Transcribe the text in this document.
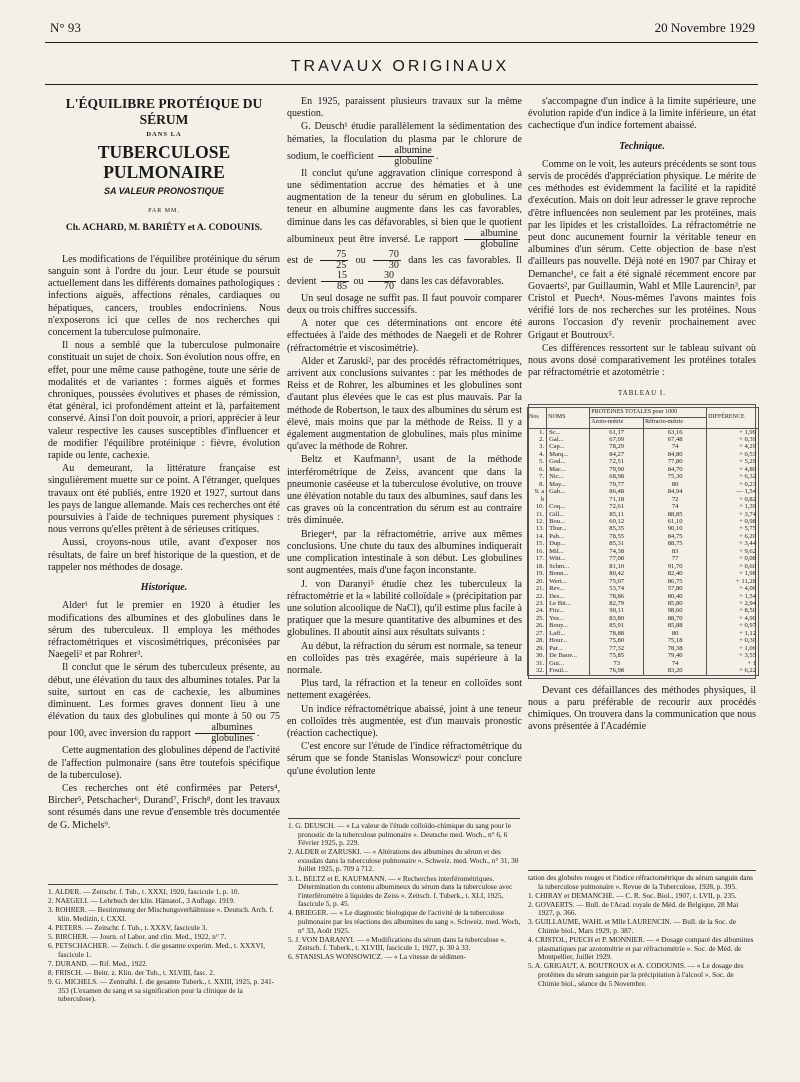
N° 93	20 Novembre 1929
TRAVAUX ORIGINAUX
L'ÉQUILIBRE PROTÉIQUE DU SÉRUM
DANS LA
TUBERCULOSE PULMONAIRE
SA VALEUR PRONOSTIQUE
PAR MM.
Ch. ACHARD, M. BARIÉTY et A. CODOUNIS.

Les modifications de l'équilibre protéinique du sérum sanguin sont à l'ordre du jour. Leur étude se poursuit actuellement dans les différents domaines pathologiques : infections aiguës, affections rénales, cardiaques ou hépatiques, cancers, troubles endocriniens. Nous n'exposerons ici que celles de nos recherches qui concernent la tuberculose pulmonaire.

Il nous a semblé que la tuberculose pulmonaire constituait un sujet de choix. Son évolution nous offre, en effet, pour une même cause pathogène, toute une série de modalités et de variantes : formes aiguës et formes chroniques, poussées évolutives et phases de rémission, état général, ici profondément atteint et là, parfaitement conservé. Ainsi l'on doit pouvoir, a priori, apprécier à leur valeur respective les causes susceptibles d'influencer et de modifier l'équilibre protéinique : fièvre, évolution rapide ou lente, cachexie.

Au demeurant, la littérature française est singulièrement muette sur ce point. A l'étranger, quelques travaux ont été publiés, entre 1920 et 1927, surtout dans les pays de langue allemande. Mais ces recherches ont été poursuivies à l'aide de techniques purement physiques : nous verrons qu'elles prêtent à de sérieuses critiques.

Aussi, croyons-nous utile, avant d'exposer nos résultats, de faire un bref historique de la question, et de rappeler nos méthodes de dosage.

Historique.

Alder¹ fut le premier en 1920 à étudier les modifications des albumines et des globulines dans le sérum des tuberculeux. Il employa les méthodes réfractométriques et viscosimétriques, préconisées par Naegeli² et par Rohrer³.

Il conclut que le sérum des tuberculeux présente, au début, une élévation du taux des albumines totales. Par la suite, surtout en cas de cachexie, les albumines diminuent. Les formes graves donnent lieu à une élévation du taux des globulines qui monte à 50 ou 75 pour 100, avec inversion du rapport $\frac{\text{albumines}}{\text{globulines}}$ .

Cette augmentation des globulines dépend de l'activité de l'affection pulmonaire (sans être toutefois spécifique de la tuberculose).

Ces recherches ont été confirmées par Peters⁴, Bircher⁵, Petschacher⁶, Durand⁷, Frisch⁸, dont les travaux sont résumés dans une revue d'ensemble très documentée de G. Michels⁹.

1. ALDER. — Zeitschr. f. Tub., t. XXXI, 1920, fascicule 1, p. 10.
2. NAEGELI. — Lehrbuch der klin. Hämatol., 3 Auflage. 1919.
3. ROHRER. — Bestimmung der Mischungsverhältnisse ». Deutsch. Arch. f. klin. Medizin, t. CXXI.
4. PETERS. — Zeitschr. f. Tub., t. XXXV, fascicule 3.
5. BIRCHER. — Journ. of Labor. and clin. Med., 1922, n° 7.
6. PETSCHACHER. — Zeitsch. f. die gesamte experim. Med., t. XXXVI, fascicule 1.
7. DURAND. — Rif. Med., 1922.
8. FRISCH. — Beitr. z. Klin. der Tub., t. XLVIII, fasc. 2.
9. G. MICHELS. — Zentralbl. f. die gesamte Tuberk., t. XXIII, 1925, p. 241-353 (L'examen du sang et sa signification pour la clinique de la tuberculose).

En 1925, paraissent plusieurs travaux sur la même question.

G. Deusch¹ étudie parallèlement la sédimentation des hématies, la floculation du plasma par le chlorure de sodium, le coefficient $\frac{\text{albumine}}{\text{globuline}}$ .

Il conclut qu'une aggravation clinique correspond à une sédimentation accrue des hématies et à une augmentation de la teneur du sérum en globulines. La teneur en albumine augmente dans les cas favorables, diminue dans les cas défavorables, si bien que le quotient albumineux peut être inversé. Le rapport $\frac{\text{albumine}}{\text{globuline}}$
est de $\frac{75}{25}$ ou $\frac{70}{30}$ dans les cas favorables. Il devient $\frac{15}{85}$ ou $\frac{30}{70}$ dans les cas défavorables.

Un seul dosage ne suffit pas. Il faut pouvoir comparer deux ou trois chiffres successifs.

A noter que ces déterminations ont encore été effectuées à l'aide des méthodes de Naegeli et de Rohrer (réfractométrie et viscosimétrie).

Alder et Zaruski², par des procédés réfractométriques, arrivent aux conclusions suivantes : par les méthodes de Reiss et de Rohrer, les albumines et les globulines sont d'autant plus élevées que le cas est plus mauvais. Par la méthode de Robertson, le taux des albumines du sérum est élevé, mais moins que par la méthode de Reiss. Il y a également augmentation de globulines, mais plus minime qu'avec la méthode de Rohrer.

Beltz et Kaufmann³, usant de la méthode interférométrique de Zeiss, avancent que dans la pneumonie caséeuse et la tuberculose évolutive, on trouve une élévation notable du taux des albumines, sauf dans les cas graves où la concentration du sérum est au contraire très diminuée.

Brieger⁴, par la réfractométrie, arrive aux mêmes conclusions. Une chute du taux des albumines indiquerait une complication intestinale à son début. Les globulines sont augmentées, mais d'une façon inconstante.

J. von Daranyi⁵ étudie chez les tuberculeux la réfractométrie et la « labilité colloïdale » (précipitation par une solution alcoolique de NaCl), qu'il estime plus facile à pratiquer que la mesure quantitative des albumines et des globulines. Il aboutit ainsi aux résultats suivants :

Au début, la réfraction du sérum est normale, sa teneur en colloïdes pas très exagérée, mais supérieure à la normale.

Plus tard, la réfraction et la teneur en colloïdes sont nettement exagérées.

Un indice réfractométrique abaissé, joint à une teneur en colloïdes très augmentée, est d'un mauvais pronostic (réaction cachectique).

C'est encore sur l'étude de l'indice réfractométrique du sérum que se fonde Stanislas Wonsowicz⁶ pour conclure qu'une évolution lente

1. G. DEUSCH. — « La valeur de l'étude colloïdo-chimique du sang pour le pronostic de la tuberculose pulmonaire ». Deutsche med. Woch., n° 6, 6 Février 1925, p. 229.
2. ALDER et ZARUSKI. — « Altérations des albumines du sérum et des exsudats dans la tuberculose pulmonaire ». Schweiz. med. Woch., n° 31, 30 Juillet 1925, p. 709 à 712.
3. L. BELTZ et E. KAUFMANN. — « Recherches interférométriques. Détermination du contenu albumineux du sérum dans la tuberculose avec l'interféromètre à liquides de Zeiss ». Zeitsch. f. Tuberk., t. XLI, 1925, fascicule 5, p. 45.
4. BRIEGER. — « Le diagnostic biologique de l'activité de la tuberculose pulmonaire par les réactions des albumines du sang ». Schweiz. med. Woch, n° 33, Août 1925.
5. J. VON DARANYI. — « Modifications du sérum dans la tuberculose ». Zeitsch. f. Tuberk., t. XLVIII, fascicule 1, 1927, p. 30 à 33.
6. STANISLAS WONSOWICZ. — « La vitesse de sédimen-

s'accompagne d'un indice à la limite supérieure, une évolution rapide d'un indice à la limite inférieure, un état cachectique d'un indice fortement abaissé.

Technique.

Comme on le voit, les auteurs précédents se sont tous servis de procédés d'appréciation physique. Le mérite de ces méthodes est évidemment la facilité et la rapidité d'exécution. Mais on doit leur adresser le grave reproche d'être influencées non seulement par les protéines, mais par les lipides et les cristalloïdes. La réfractométrie ne peut donc aucunement fournir la véritable teneur en albumines d'un sérum. Cette objection de base n'est d'ailleurs pas nouvelle. Déjà noté en 1907 par Chiray et Demanche¹, ce fait a été signalé récemment encore par Govaerts², par Guillaumin, Wahl et Mlle Laurencin³, par Cristol et Puech⁴. Nous-mêmes l'avons maintes fois vérifié lors de nos recherches sur les protéines. Nous aurons l'occasion d'y revenir prochainement avec Grigaut et Boutroux⁵.

Ces différences ressortent sur le tableau suivant où nous avons dosé comparativement les protéines totales par réfractométrie et azotométrie :

TABLEAU I.
Nos	NOMS	PROTÉINES TOTALES pour 1000		DIFFÉRENCE
		Azoto-métrie	Réfracto-métrie	
1.	Sc...	61,17	63,16	+ 1,99
2.	Gal...	67,09	67,48	+ 0,39
3.	Cap...	78,29	74	+ 4,29
4.	Marq...	84,27	84,80	+ 0,53
5.	God...	72,51	77,80	+ 5,29
6.	Mac...	79,90	84,70	+ 4,80
7.	Nic...	68,98	75,30	+ 6,32
8.	May...	79,77	80	+ 0,23
9. a	Gab...	86,48	84,94	— 1,54
b		71,18	72	+ 0,82
10.	Coq...	72,61	74	+ 1,39
11.	Gill...	85,11	88,85	+ 3,74
12.	Bou...	60,12	61,10	+ 0,98
13.	Thur...	85,35	90,10	+ 5,75
14.	Pab...	78,55	84,75	+ 6,20
15.	Dup...	85,31	88,75	+ 3,44
16.	Mil...	74,38	83	+ 9,62
17.	Witt...	77,08	77	+ 0,08
18.	Schm...	81,10	91,70	+ 0,60
19.	Bonn...	80,42	82,40	+ 1,98
20.	Wert...	75,07	86,75	+ 11,28
21.	Rev...	53,74	57,80	+ 4,06
22.	Des...	78,86	80,40	+ 1,54
23.	Le Bit...	82,79	85,80	+ 2,94
24.	Fitz...	90,11	98,60	+ 8,50
25.	Yez...	83,80	88,70	+ 4,90
26.	Bouy...	85,91	85,88	+ 0,97
27.	Laff...	78,88	80	+ 1,12
28.	Hour...	75,80	75,18	+ 0,30
29.	Par...	77,32	78,38	+ 1,06
30.	De Bauv...	75,85	79,40	+ 3,55
31.	Gui...	73	74	+ 1
32.	Fouil...	76,98	83,20	+ 6,22

Devant ces défaillances des méthodes physiques, il nous a paru préférable de recourir aux procédés chimiques. On trouvera dans la communication que nous avons présentée à l'Académie

tation des globules rouges et l'indice réfractométrique du sérum sanguin dans la tuberculose pulmonaire ». Revue de la Tuberculose, 1928, p. 395.
1. CHIRAY et DEMANCHE. — C. R. Soc. Biol., 1907, t. LVII, p. 235.
2. GOVAERTS. — Bull. de l'Acad. royale de Méd. de Belgique, 28 Mai 1927, p. 366.
3. GUILLAUME, WAHL et Mlle LAURENCIN. — Bull. de la Soc. de Chimie biol., Mars 1929, p. 387.
4. CRISTOL, PUECH et P. MONNIER. — « Dosage comparé des albumines plasmatiques par azotométrie et par réfractométrie ». Soc. de Méd. de Montpellier, Juillet 1929.
5. A. GRIGAUT, A. BOUTROUX et A. CODOUNIS. — « Le dosage des protéines du sérum sanguin par la précipitation à l'alcool ». Soc. de Chimie biol., séance du 5 Novembre.
